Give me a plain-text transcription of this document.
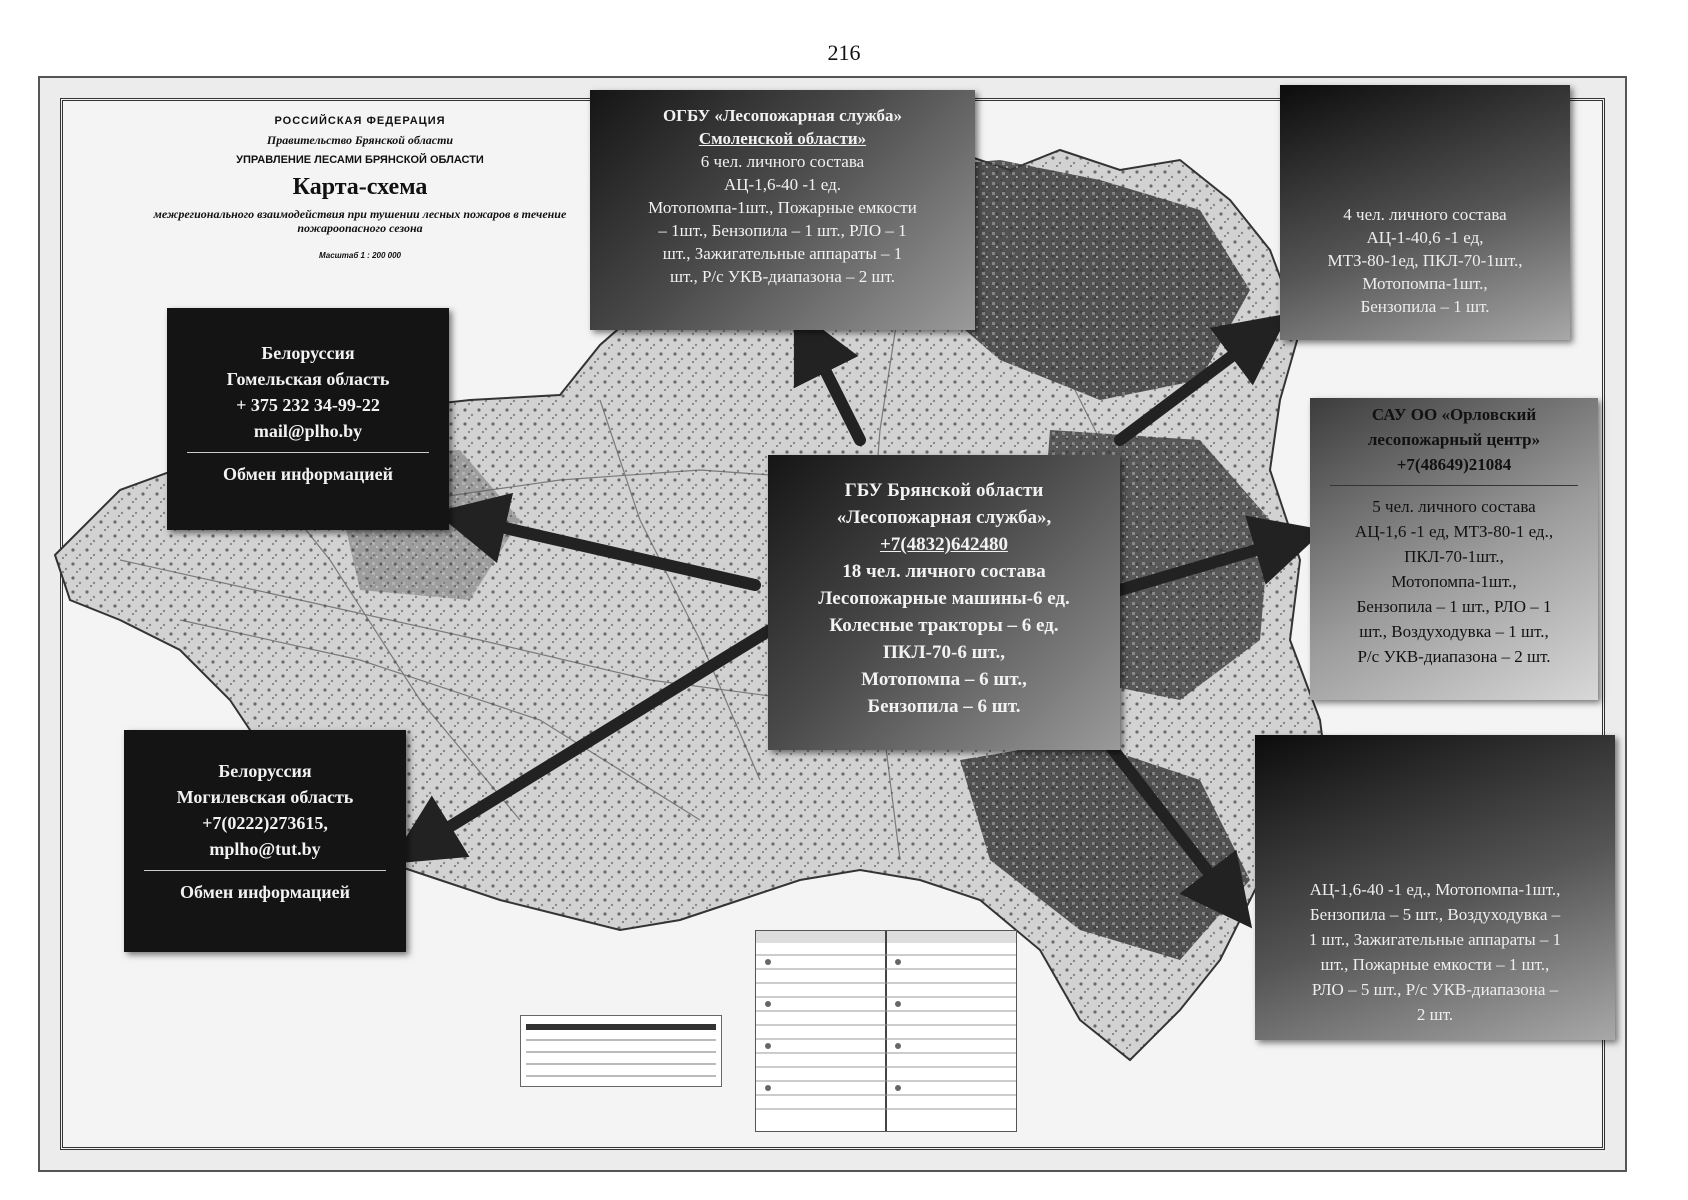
216
РОССИЙСКАЯ ФЕДЕРАЦИЯ
Правительство Брянской области
УПРАВЛЕНИЕ ЛЕСАМИ БРЯНСКОЙ ОБЛАСТИ
Карта-схема
межрегионального взаимодействия при тушении лесных пожаров в течение пожароопасного сезона
Масштаб 1 : 200 000
ОГБУ «Лесопожарная служба»
Смоленской области»
6 чел. личного состава
АЦ-1,6-40 -1 ед.
Мотопомпа-1шт., Пожарные емкости
– 1шт., Бензопила – 1 шт., РЛО – 1
шт., Зажигательные аппараты – 1
шт., Р/с УКВ-диапазона – 2 шт.
4 чел. личного состава
АЦ-1-40,6 -1 ед,
МТЗ-80-1ед, ПКЛ-70-1шт.,
Мотопомпа-1шт.,
Бензопила – 1 шт.
Белоруссия
Гомельская область
+ 375 232 34-99-22
mail@plho.by
Обмен информацией
ГБУ Брянской области
«Лесопожарная служба»,
+7(4832)642480
18 чел. личного состава
Лесопожарные машины-6 ед.
Колесные тракторы – 6 ед.
ПКЛ-70-6 шт.,
Мотопомпа – 6 шт.,
Бензопила – 6 шт.
САУ ОО «Орловский
лесопожарный центр»
+7(48649)21084
5 чел. личного состава
АЦ-1,6 -1 ед, МТЗ-80-1 ед.,
ПКЛ-70-1шт.,
Мотопомпа-1шт.,
Бензопила – 1 шт., РЛО – 1
шт., Воздуходувка – 1 шт.,
Р/с УКВ-диапазона – 2 шт.
Белоруссия
Могилевская область
+7(0222)273615,
mplho@tut.by
Обмен информацией	АЦ-1,6-40 -1 ед., Мотопомпа-1шт.,
Бензопила – 5 шт., Воздуходувка –
1 шт., Зажигательные аппараты – 1
шт., Пожарные емкости – 1 шт.,
РЛО – 5 шт., Р/с УКВ-диапазона –
2 шт.
